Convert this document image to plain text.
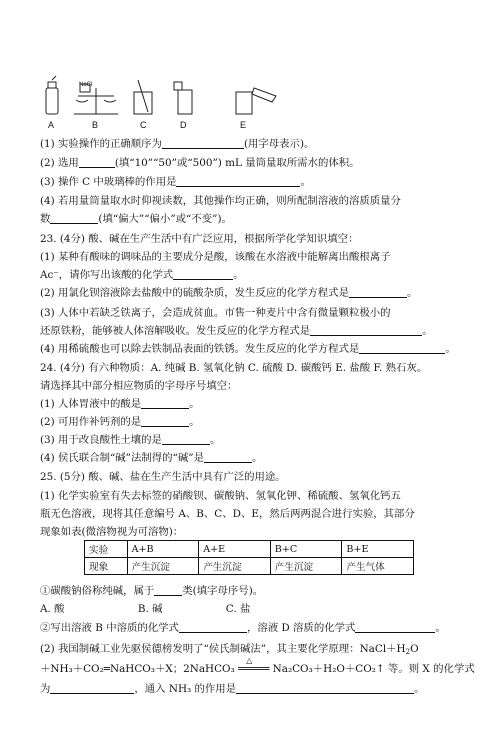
NaCl
A	B	C	D	E
(1) 实验操作的正确顺序为	(用字母表示)。
(2) 选用	(填“10”“50”或“500”) mL 量筒量取所需水的体积。
(3) 操作 C 中玻璃棒的作用是	。
(4) 若用量筒量取水时仰视读数，其他操作均正确，则所配制溶液的溶质质量分
数	(填“偏大”“偏小”或“不变”)。
23. (4分) 酸、碱在生产生活中有广泛应用，根据所学化学知识填空：
(1) 某种有酸味的调味品的主要成分是酸，该酸在水溶液中能解离出酸根离子
Ac⁻，请你写出该酸的化学式	。
(2) 用氯化钡溶液除去盐酸中的硫酸杂质，发生反应的化学方程式是	。
(3) 人体中若缺乏铁离子，会造成贫血。市售一种麦片中含有微量颗粒极小的
还原铁粉，能够被人体溶解吸收。发生反应的化学方程式是	。
(4) 用稀硫酸也可以除去铁制品表面的铁锈。发生反应的化学方程式是	。
24. (4分) 有六种物质：A. 纯碱 B. 氢氧化钠 C. 硫酸 D. 碳酸钙 E. 盐酸 F. 熟石灰。
请选择其中部分相应物质的字母序号填空：
(1) 人体胃液中的酸是	。
(2) 可用作补钙剂的是	。
(3) 用于改良酸性土壤的是	。
(4) 侯氏联合制“碱”法制得的“碱”是	。
25. (5分) 酸、碱、盐在生产生活中具有广泛的用途。
(1) 化学实验室有失去标签的硝酸钡、碳酸钠、氢氧化钾、稀硫酸、氢氧化钙五
瓶无色溶液，现将其任意编号 A、B、C、D、E，然后两两混合进行实验，其部分
现象如表(微溶物视为可溶物)：
实验	A+B	A+E	B+C	B+E
现象	产生沉淀	产生沉淀	产生沉淀	产生气体
①碳酸钠俗称纯碱，属于	类(填字母序号)。
A. 酸	B. 碱	C. 盐
②写出溶液 B 中溶质的化学式	，溶液 D 溶质的化学式	。
(2) 我国制碱工业先驱侯德榜发明了“侯氏制碱法”，其主要化学原理：$NaCl+H_2O$
＋NH₃＋CO₂═NaHCO₃＋X；2NaHCO₃
△
═════ Na₂CO₃＋H₂O＋CO₂↑ 等。则 X 的化学式
为	，通入 NH₃ 的作用是	。
